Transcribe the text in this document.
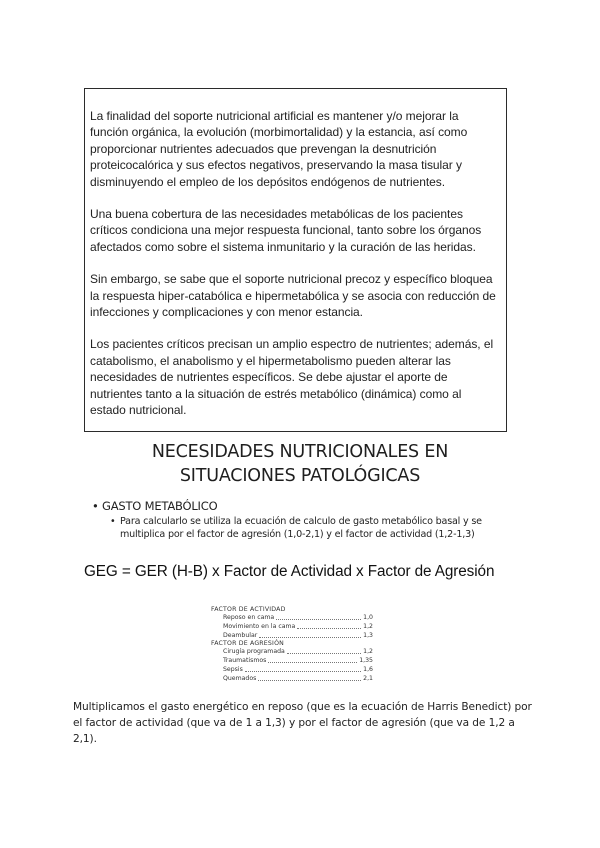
La finalidad del soporte nutricional artificial es mantener y/o mejorar la función orgánica, la evolución (morbimortalidad) y la estancia, así como proporcionar nutrientes adecuados que prevengan la desnutrición proteicocalórica y sus efectos negativos, preservando la masa tisular y disminuyendo el empleo de los depósitos endógenos de nutrientes.

Una buena cobertura de las necesidades metabólicas de los pacientes críticos condiciona una mejor respuesta funcional, tanto sobre los órganos afectados como sobre el sistema inmunitario y la curación de las heridas.

Sin embargo, se sabe que el soporte nutricional precoz y específico bloquea la respuesta hiper-catabólica e hipermetabólica y se asocia con reducción de infecciones y complicaciones y con menor estancia.

Los pacientes críticos precisan un amplio espectro de nutrientes; además, el catabolismo, el anabolismo y el hipermetabolismo pueden alterar las necesidades de nutrientes específicos. Se debe ajustar el aporte de nutrientes tanto a la situación de estrés metabólico (dinámica) como al estado nutricional.

NECESIDADES NUTRICIONALES EN
SITUACIONES PATOLÓGICAS
• GASTO METABÓLICO
• Para calcularlo se utiliza la ecuación de calculo de gasto metabólico basal y se multiplica por el factor de agresión (1,0-2,1) y el factor de actividad (1,2-1,3)
GEG = GER (H-B) x Factor de Actividad x Factor de Agresión
FACTOR DE ACTIVIDAD
Reposo en cama	1,0
Movimiento en la cama	1,2
Deambular	1,3
FACTOR DE AGRESIÓN
Cirugía programada	1,2
Traumatismos	1,35
Sepsis	1,6
Quemados	2,1

Multiplicamos el gasto energético en reposo (que es la ecuación de Harris Benedict) por el factor de actividad (que va de 1 a 1,3) y por el factor de agresión (que va de 1,2 a 2,1).
